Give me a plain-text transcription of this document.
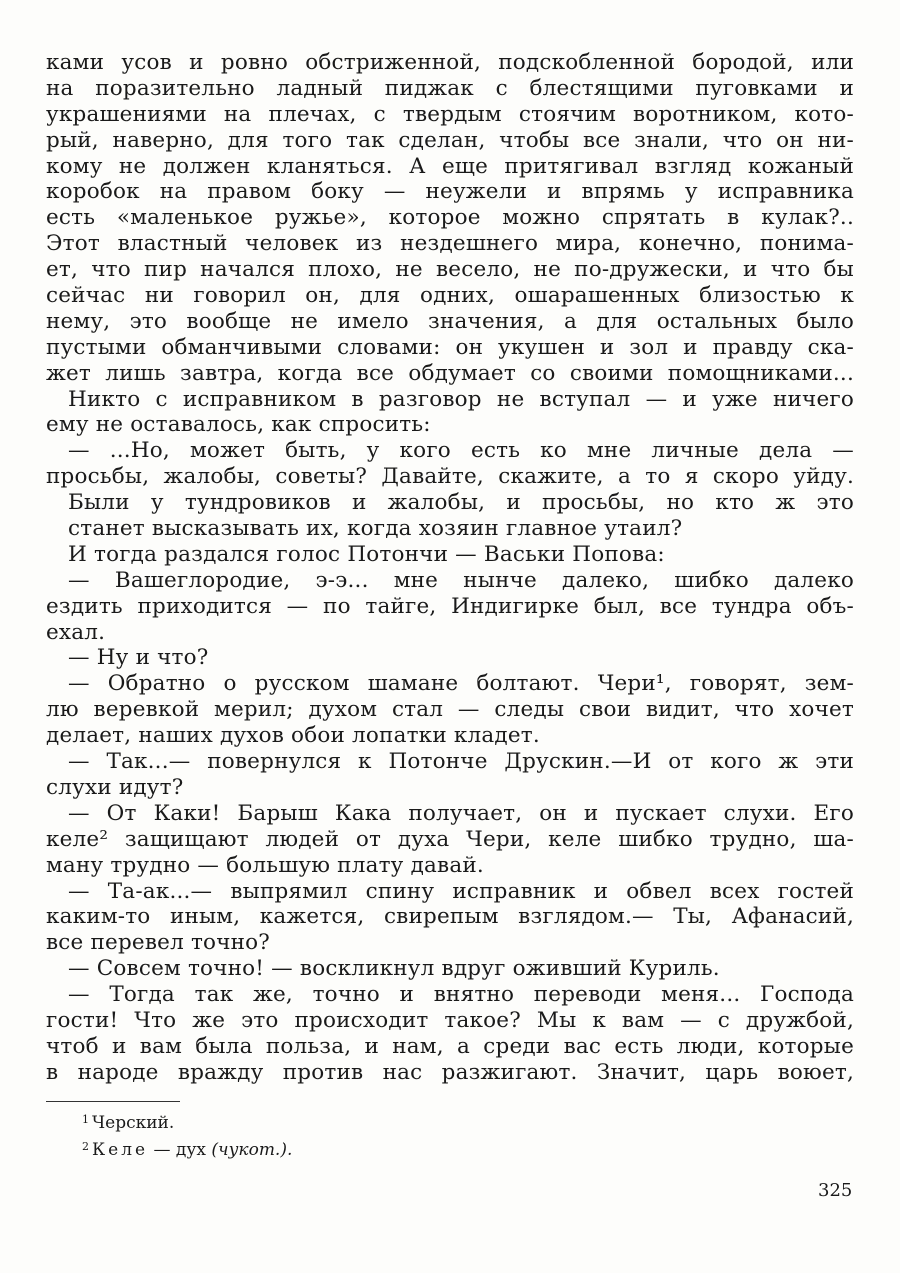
ками усов и ровно обстриженной, подскобленной бородой, или
на поразительно ладный пиджак с блестящими пуговками и
украшениями на плечах, с твердым стоячим воротником, кото-
рый, наверно, для того так сделан, чтобы все знали, что он ни-
кому не должен кланяться. А еще притягивал взгляд кожаный
коробок на правом боку — неужели и впрямь у исправника
есть «маленькое ружье», которое можно спрятать в кулак?..
Этот властный человек из нездешнего мира, конечно, понима-
ет, что пир начался плохо, не весело, не по-дружески, и что бы
сейчас ни говорил он, для одних, ошарашенных близостью к
нему, это вообще не имело значения, а для остальных было
пустыми обманчивыми словами: он укушен и зол и правду ска-
жет лишь завтра, когда все обдумает со своими помощниками...
Никто с исправником в разговор не вступал — и уже ничего
ему не оставалось, как спросить:
— ...Но, может быть, у кого есть ко мне личные дела —
просьбы, жалобы, советы? Давайте, скажите, а то я скоро уйду.
Были у тундровиков и жалобы, и просьбы, но кто ж это
станет высказывать их, когда хозяин главное утаил?
И тогда раздался голос Потончи — Васьки Попова:
— Вашеглородие, э-э... мне нынче далеко, шибко далеко
ездить приходится — по тайге, Индигирке был, все тундра объ-
ехал.
— Ну и что?
— Обратно о русском шамане болтают. Чери¹, говорят, зем-
лю веревкой мерил; духом стал — следы свои видит, что хочет
делает, наших духов обои лопатки кладет.
— Так...— повернулся к Потонче Друскин.—И от кого ж эти
слухи идут?
— От Каки! Барыш Кака получает, он и пускает слухи. Его
келе² защищают людей от духа Чери, келе шибко трудно, ша-
ману трудно — большую плату давай.
— Та-ак...— выпрямил спину исправник и обвел всех гостей
каким-то иным, кажется, свирепым взглядом.— Ты, Афанасий,
все перевел точно?
— Совсем точно! — воскликнул вдруг оживший Куриль.
— Тогда так же, точно и внятно переводи меня... Господа
гости! Что же это происходит такое? Мы к вам — с дружбой,
чтоб и вам была польза, и нам, а среди вас есть люди, которые
в народе вражду против нас разжигают. Значит, царь воюет,
$^1$ Черский.
$^2$ Келе — дух (чукот.).
325
